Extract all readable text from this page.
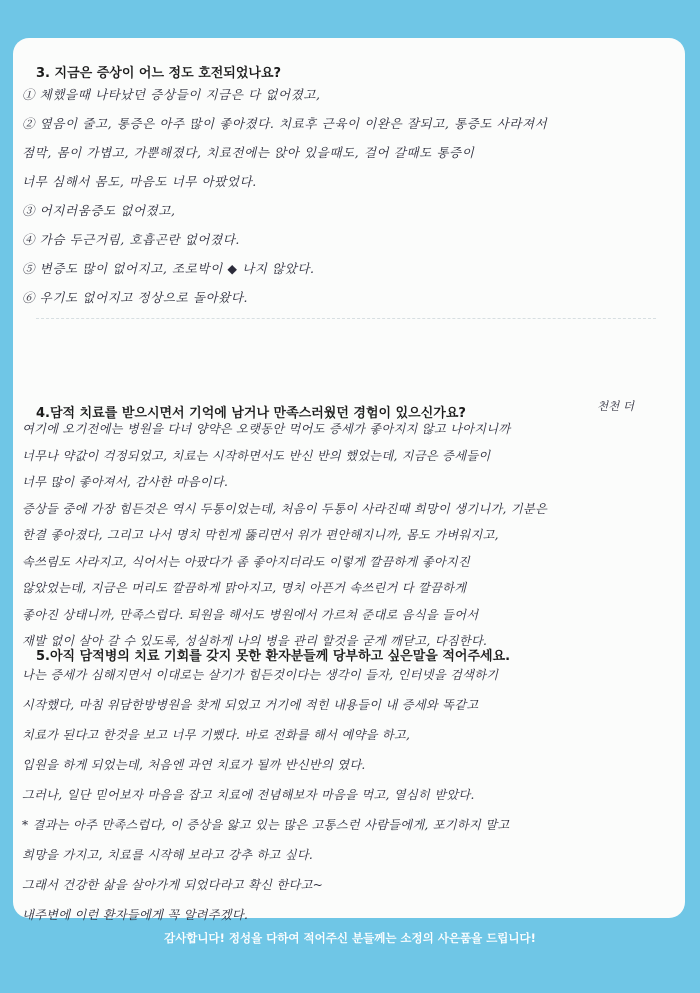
3. 지금은 증상이 어느 정도 호전되었나요?
① 체했을때 나타났던 증상들이 지금은 다 없어졌고,
② 옆음이 줄고, 통증은 아주 많이 좋아졌다. 치료후 근육이 이완은 잘되고, 통증도 사라져서
점막, 몸이 가볍고, 가뿐해졌다, 치료전에는 앉아 있을때도, 걸어 갈때도 통증이
너무 심해서 몸도, 마음도 너무 아팠었다.
③ 어지러움증도 없어졌고,
④ 가슴 두근거림, 호흡곤란 없어졌다.
⑤ 변증도 많이 없어지고, 조로박이 ◆ 나지 않았다.
⑥ 우기도 없어지고 정상으로 돌아왔다.
4.담적 치료를 받으시면서 기억에 남거나 만족스러웠던 경험이 있으신가요?	천천 더
여기에 오기전에는 병원을 다녀 양약은 오랫동안 먹어도 증세가 좋아지지 않고 나아지니까
너무나 약값이 걱정되었고, 치료는 시작하면서도 반신 반의 했었는데, 지금은 증세들이
너무 많이 좋아져서, 감사한 마음이다.
증상들 중에 가장 힘든것은 역시 두통이었는데, 처음이 두통이 사라진때 희망이 생기니가, 기분은
한결 좋아졌다, 그리고 나서 명치 막힌게 뚫리면서 위가 편안해지니까, 몸도 가벼워지고,
속쓰림도 사라지고, 식어서는 아팠다가 좀 좋아지더라도 이렇게 깔끔하게 좋아지진
않았었는데, 지금은 머리도 깔끔하게 맑아지고, 명치 아픈거 속쓰린거 다 깔끔하게
좋아진 상태니까, 만족스럽다. 퇴원을 해서도 병원에서 가르쳐 준대로 음식을 들어서
재발 없이 살아 갈 수 있도록, 성실하게 나의 병을 관리 할것을 굳게 깨닫고, 다짐한다.
5.아직 담적병의 치료 기회를 갖지 못한 환자분들께 당부하고 싶은말을 적어주세요.
나는 증세가 심해지면서 이대로는 살기가 힘든것이다는 생각이 들자, 인터넷을 검색하기
시작했다, 마침 위담한방병원을 찾게 되었고 거기에 적힌 내용들이 내 증세와 똑같고
치료가 된다고 한것을 보고 너무 기뻤다. 바로 전화를 해서 예약을 하고,
입원을 하게 되었는데, 처음엔 과연 치료가 될까 반신반의 였다.
그러나, 일단 믿어보자 마음을 잡고 치료에 전념해보자 마음을 먹고, 열심히 받았다.
* 결과는 아주 만족스럽다, 이 증상을 앓고 있는 많은 고통스런 사람들에게, 포기하지 말고
희망을 가지고, 치료를 시작해 보라고 강추 하고 싶다.
그래서 건강한 삶을 살아가게 되었다라고 확신 한다고~
내주변에 이런 환자들에게 꼭 알려주겠다.
감사합니다! 정성을 다하여 적어주신 분들께는 소정의 사은품을 드립니다!
